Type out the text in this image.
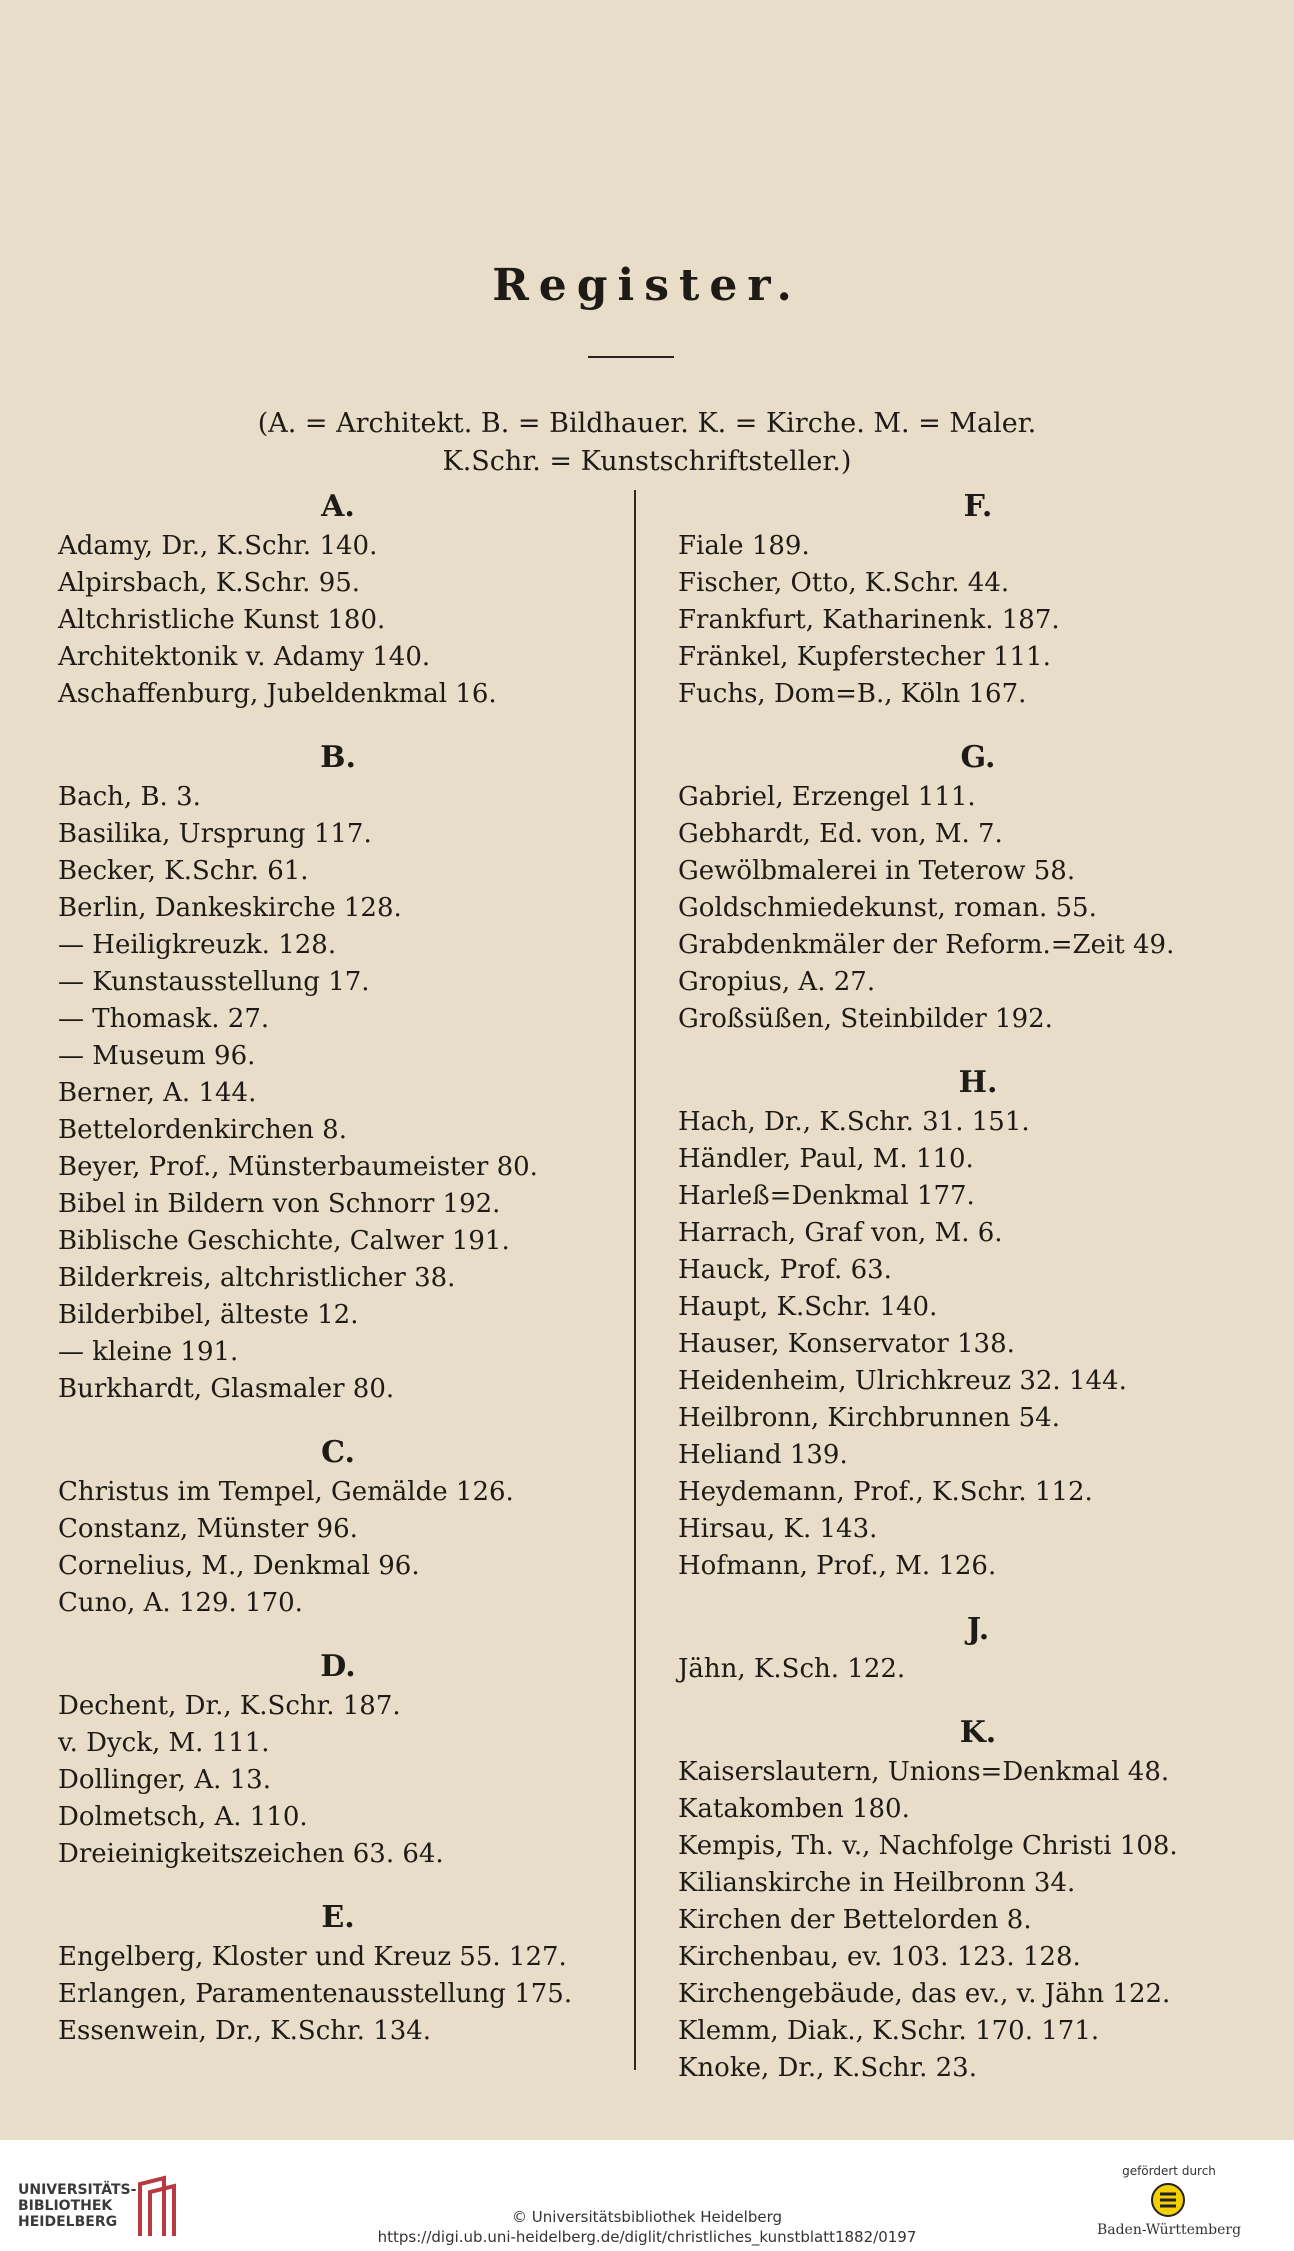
Register.
(A. = Architekt. B. = Bildhauer. K. = Kirche. M. = Maler.
K.Schr. = Kunstschriftsteller.)
A.
Adamy, Dr., K.Schr. 140.
Alpirsbach, K.Schr. 95.
Altchristliche Kunst 180.
Architektonik v. Adamy 140.
Aschaffenburg, Jubeldenkmal 16.
B.
Bach, B. 3.
Basilika, Ursprung 117.
Becker, K.Schr. 61.
Berlin, Dankeskirche 128.
— Heiligkreuzk. 128.
— Kunstausstellung 17.
— Thomask. 27.
— Museum 96.
Berner, A. 144.
Bettelordenkirchen 8.
Beyer, Prof., Münsterbaumeister 80.
Bibel in Bildern von Schnorr 192.
Biblische Geschichte, Calwer 191.
Bilderkreis, altchristlicher 38.
Bilderbibel, älteste 12.
— kleine 191.
Burkhardt, Glasmaler 80.
C.
Christus im Tempel, Gemälde 126.
Constanz, Münster 96.
Cornelius, M., Denkmal 96.
Cuno, A. 129. 170.
D.
Dechent, Dr., K.Schr. 187.
v. Dyck, M. 111.
Dollinger, A. 13.
Dolmetsch, A. 110.
Dreieinigkeitszeichen 63. 64.
E.
Engelberg, Kloster und Kreuz 55. 127.
Erlangen, Paramentenausstellung 175.
Essenwein, Dr., K.Schr. 134.
F.
Fiale 189.
Fischer, Otto, K.Schr. 44.
Frankfurt, Katharinenk. 187.
Fränkel, Kupferstecher 111.
Fuchs, Dom=B., Köln 167.
G.
Gabriel, Erzengel 111.
Gebhardt, Ed. von, M. 7.
Gewölbmalerei in Teterow 58.
Goldschmiedekunst, roman. 55.
Grabdenkmäler der Reform.=Zeit 49.
Gropius, A. 27.
Großsüßen, Steinbilder 192.
H.
Hach, Dr., K.Schr. 31. 151.
Händler, Paul, M. 110.
Harleß=Denkmal 177.
Harrach, Graf von, M. 6.
Hauck, Prof. 63.
Haupt, K.Schr. 140.
Hauser, Konservator 138.
Heidenheim, Ulrichkreuz 32. 144.
Heilbronn, Kirchbrunnen 54.
Heliand 139.
Heydemann, Prof., K.Schr. 112.
Hirsau, K. 143.
Hofmann, Prof., M. 126.
J.
Jähn, K.Sch. 122.
K.
Kaiserslautern, Unions=Denkmal 48.
Katakomben 180.
Kempis, Th. v., Nachfolge Christi 108.
Kilianskirche in Heilbronn 34.
Kirchen der Bettelorden 8.
Kirchenbau, ev. 103. 123. 128.
Kirchengebäude, das ev., v. Jähn 122.
Klemm, Diak., K.Schr. 170. 171.
Knoke, Dr., K.Schr. 23.
UNIVERSITÄTS-
BIBLIOTHEK
HEIDELBERG	© Universitätsbibliothek Heidelberg
https://digi.ub.uni-heidelberg.de/diglit/christliches_kunstblatt1882/0197
gefördert durch
Baden-Württemberg
